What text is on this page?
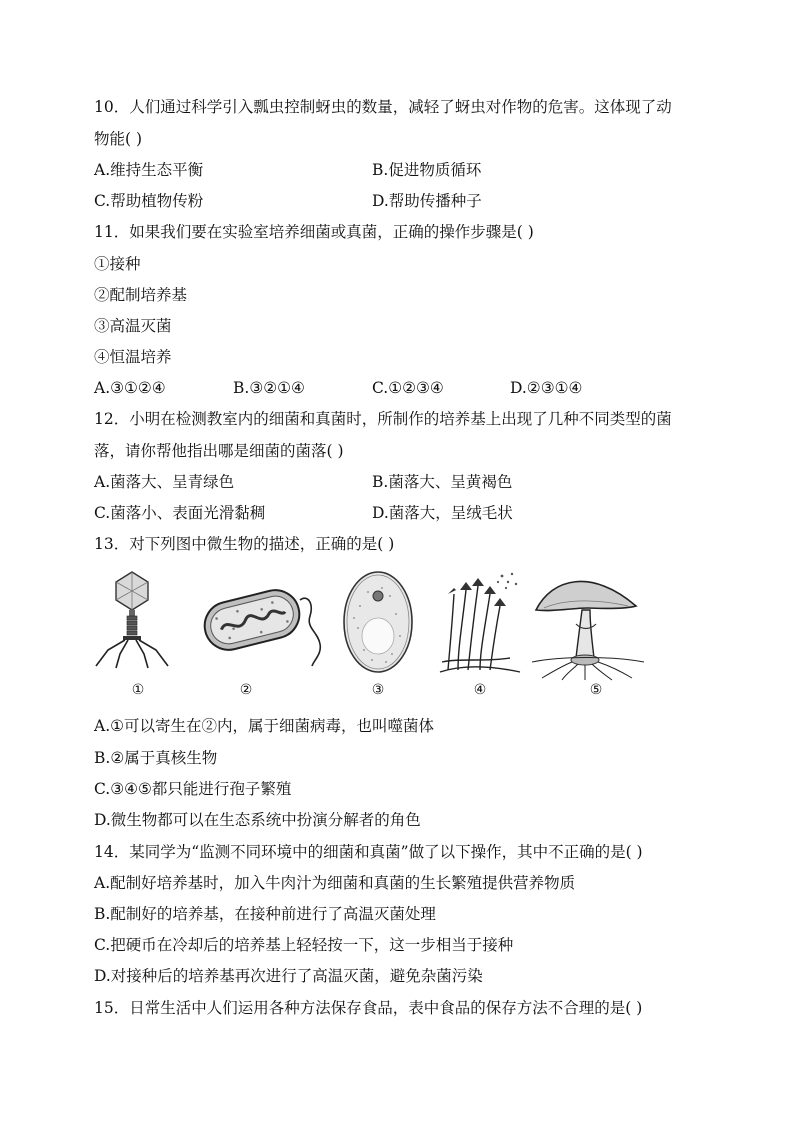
10．人们通过科学引入瓢虫控制蚜虫的数量，减轻了蚜虫对作物的危害。这体现了动
物能( )
A.维持生态平衡	B.促进物质循环
C.帮助植物传粉	D.帮助传播种子
11．如果我们要在实验室培养细菌或真菌，正确的操作步骤是( )
①接种
②配制培养基
③高温灭菌
④恒温培养
A.③①②④	B.③②①④	C.①②③④	D.②③①④
12．小明在检测教室内的细菌和真菌时，所制作的培养基上出现了几种不同类型的菌
落，请你帮他指出哪是细菌的菌落( )
A.菌落大、呈青绿色	B.菌落大、呈黄褐色
C.菌落小、表面光滑黏稠	D.菌落大，呈绒毛状
13．对下列图中微生物的描述，正确的是( )
①	②	③	④	⑤
A.①可以寄生在②内，属于细菌病毒，也叫噬菌体
B.②属于真核生物
C.③④⑤都只能进行孢子繁殖
D.微生物都可以在生态系统中扮演分解者的角色
14．某同学为“监测不同环境中的细菌和真菌”做了以下操作，其中不正确的是( )
A.配制好培养基时，加入牛肉汁为细菌和真菌的生长繁殖提供营养物质
B.配制好的培养基，在接种前进行了高温灭菌处理
C.把硬币在冷却后的培养基上轻轻按一下，这一步相当于接种
D.对接种后的培养基再次进行了高温灭菌，避免杂菌污染
15．日常生活中人们运用各种方法保存食品，表中食品的保存方法不合理的是( )
